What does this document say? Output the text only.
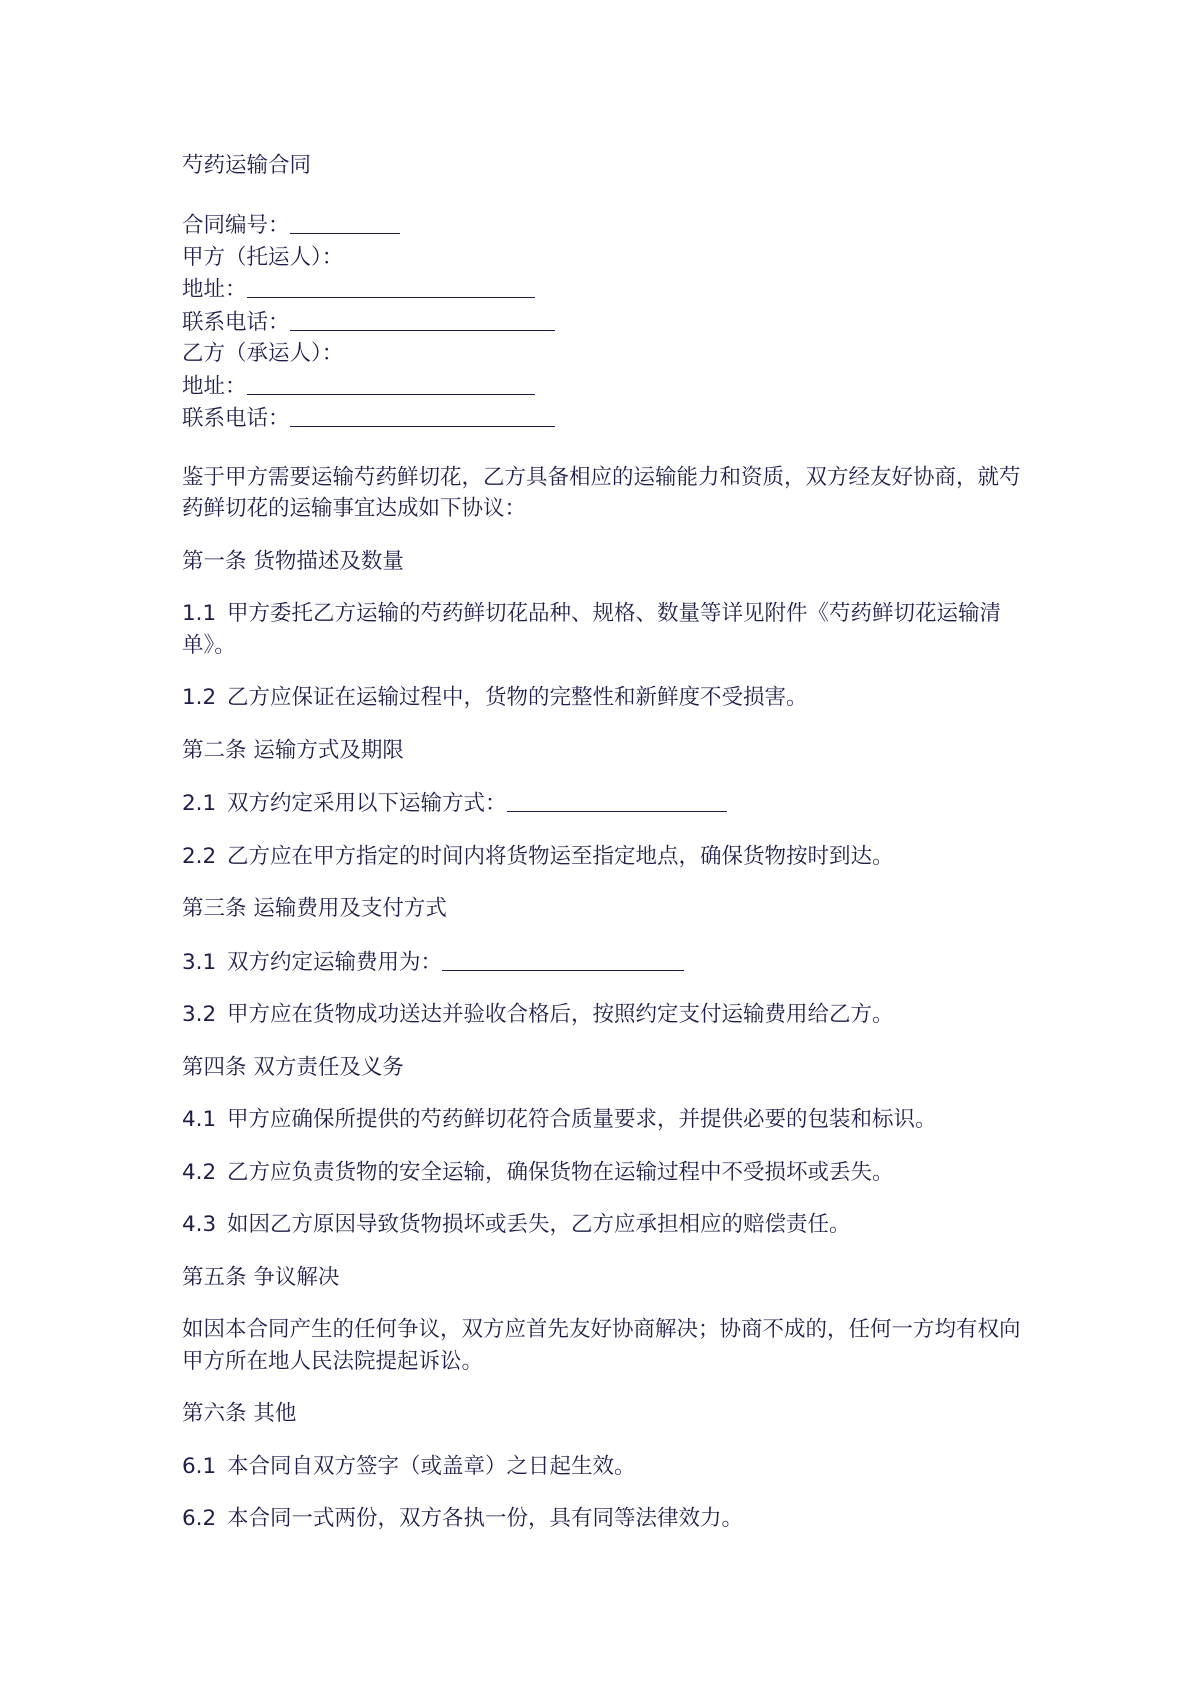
芍药运输合同
合同编号：
甲方（托运人）：
地址：
联系电话：
乙方（承运人）：
地址：
联系电话：
鉴于甲方需要运输芍药鲜切花，乙方具备相应的运输能力和资质，双方经友好协商，就芍药鲜切花的运输事宜达成如下协议：
第一条 货物描述及数量
1.1 甲方委托乙方运输的芍药鲜切花品种、规格、数量等详见附件《芍药鲜切花运输清单》。
1.2 乙方应保证在运输过程中，货物的完整性和新鲜度不受损害。
第二条 运输方式及期限
2.1 双方约定采用以下运输方式：
2.2 乙方应在甲方指定的时间内将货物运至指定地点，确保货物按时到达。
第三条 运输费用及支付方式
3.1 双方约定运输费用为：
3.2 甲方应在货物成功送达并验收合格后，按照约定支付运输费用给乙方。
第四条 双方责任及义务
4.1 甲方应确保所提供的芍药鲜切花符合质量要求，并提供必要的包装和标识。
4.2 乙方应负责货物的安全运输，确保货物在运输过程中不受损坏或丢失。
4.3 如因乙方原因导致货物损坏或丢失，乙方应承担相应的赔偿责任。
第五条 争议解决
如因本合同产生的任何争议，双方应首先友好协商解决；协商不成的，任何一方均有权向甲方所在地人民法院提起诉讼。
第六条 其他
6.1 本合同自双方签字（或盖章）之日起生效。
6.2 本合同一式两份，双方各执一份，具有同等法律效力。
